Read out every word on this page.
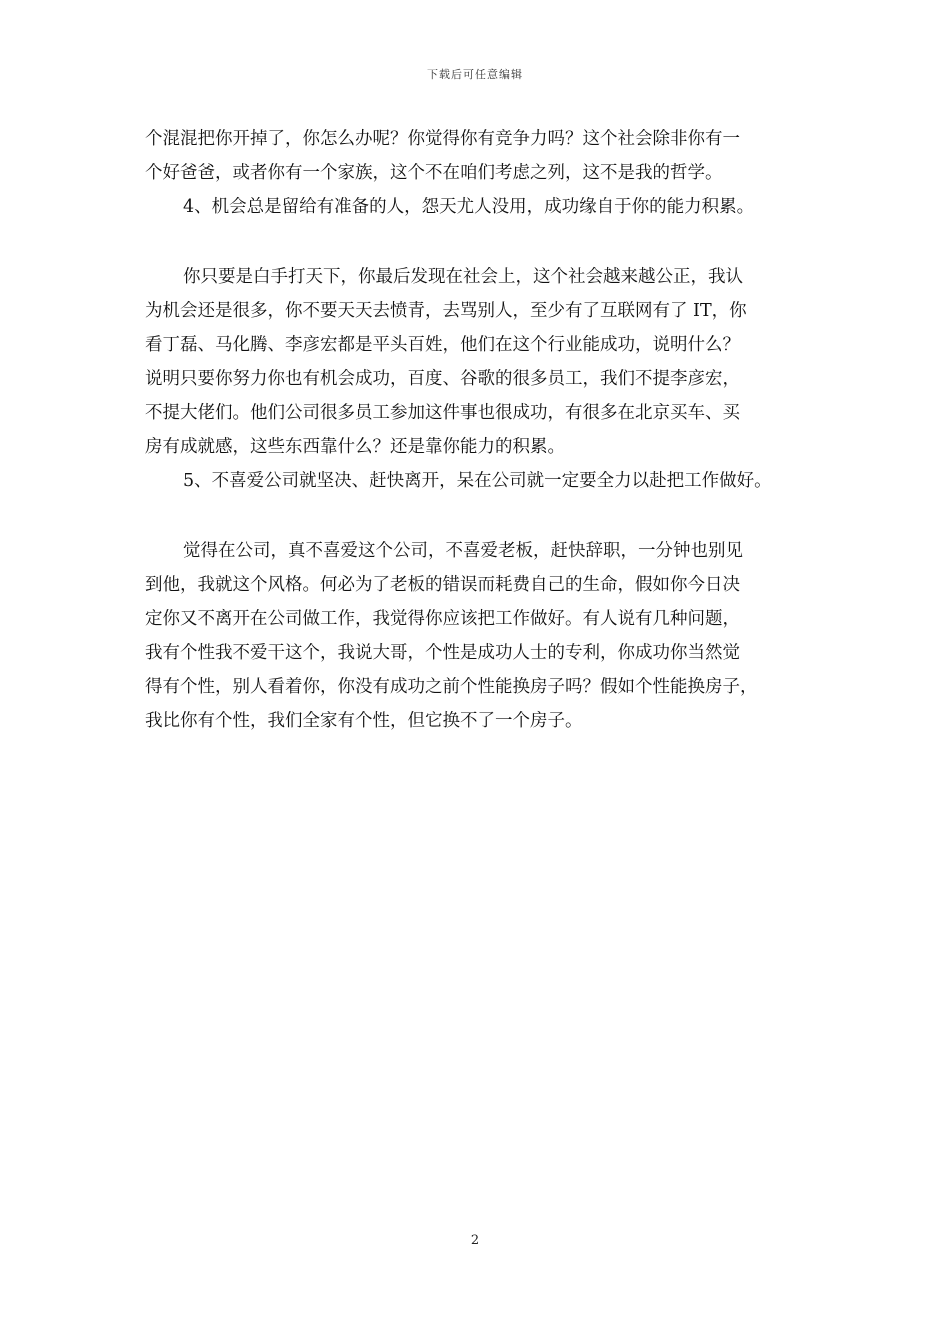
下载后可任意编辑
个混混把你开掉了，你怎么办呢？你觉得你有竞争力吗？这个社会除非你有一
个好爸爸，或者你有一个家族，这个不在咱们考虑之列，这不是我的哲学。
4、机会总是留给有准备的人，怨天尤人没用，成功缘自于你的能力积累。
你只要是白手打天下，你最后发现在社会上，这个社会越来越公正，我认
为机会还是很多，你不要天天去愤青，去骂别人，至少有了互联网有了 IT，你
看丁磊、马化腾、李彦宏都是平头百姓，他们在这个行业能成功，说明什么？
说明只要你努力你也有机会成功，百度、谷歌的很多员工，我们不提李彦宏，
不提大佬们。他们公司很多员工参加这件事也很成功，有很多在北京买车、买
房有成就感，这些东西靠什么？还是靠你能力的积累。
5、不喜爱公司就坚决、赶快离开，呆在公司就一定要全力以赴把工作做好。
觉得在公司，真不喜爱这个公司，不喜爱老板，赶快辞职，一分钟也别见
到他，我就这个风格。何必为了老板的错误而耗费自己的生命，假如你今日决
定你又不离开在公司做工作，我觉得你应该把工作做好。有人说有几种问题，
我有个性我不爱干这个，我说大哥，个性是成功人士的专利，你成功你当然觉
得有个性，别人看着你，你没有成功之前个性能换房子吗？假如个性能换房子，
我比你有个性，我们全家有个性，但它换不了一个房子。
2
